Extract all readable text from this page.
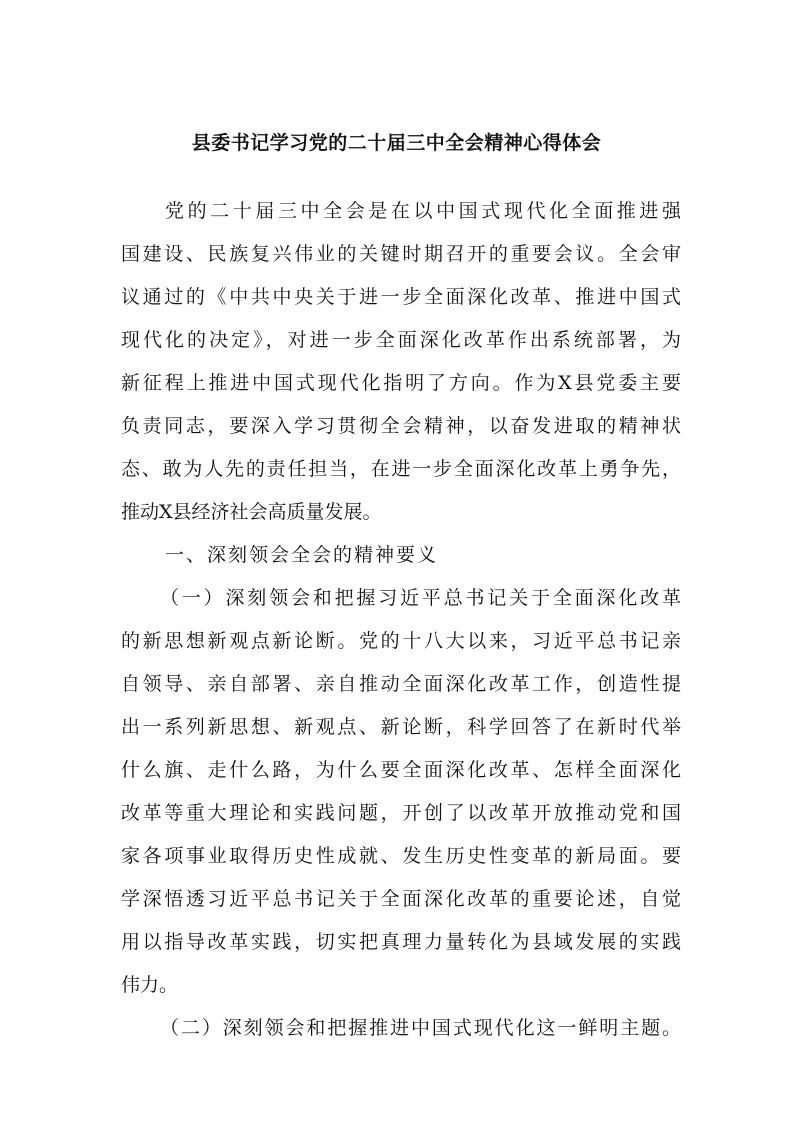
县委书记学习党的二十届三中全会精神心得体会
党的二十届三中全会是在以中国式现代化全面推进强
国建设、民族复兴伟业的关键时期召开的重要会议。全会审
议通过的《中共中央关于进一步全面深化改革、推进中国式
现代化的决定》，对进一步全面深化改革作出系统部署，为
新征程上推进中国式现代化指明了方向。作为X县党委主要
负责同志，要深入学习贯彻全会精神，以奋发进取的精神状
态、敢为人先的责任担当，在进一步全面深化改革上勇争先，
推动X县经济社会高质量发展。
一、深刻领会全会的精神要义
（一）深刻领会和把握习近平总书记关于全面深化改革
的新思想新观点新论断。党的十八大以来，习近平总书记亲
自领导、亲自部署、亲自推动全面深化改革工作，创造性提
出一系列新思想、新观点、新论断，科学回答了在新时代举
什么旗、走什么路，为什么要全面深化改革、怎样全面深化
改革等重大理论和实践问题，开创了以改革开放推动党和国
家各项事业取得历史性成就、发生历史性变革的新局面。要
学深悟透习近平总书记关于全面深化改革的重要论述，自觉
用以指导改革实践，切实把真理力量转化为县域发展的实践
伟力。
（二）深刻领会和把握推进中国式现代化这一鲜明主题。
